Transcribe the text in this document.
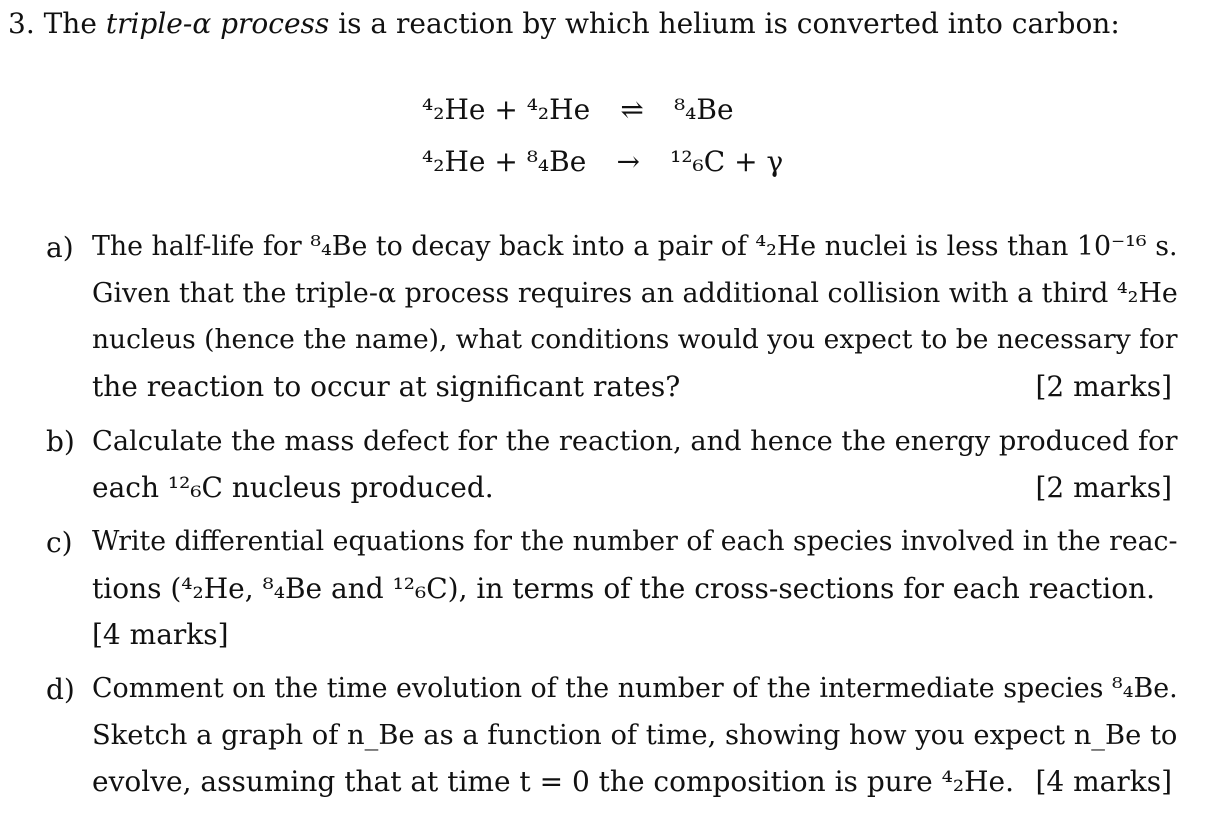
3. The triple-α process is a reaction by which helium is converted into carbon:
⁴₂He + ⁴₂He ⇌ ⁸₄Be
⁴₂He + ⁸₄Be → ¹²₆C + γ
a) The half-life for ⁸₄Be to decay back into a pair of ⁴₂He nuclei is less than 10⁻¹⁶ s.
Given that the triple-α process requires an additional collision with a third ⁴₂He
nucleus (hence the name), what conditions would you expect to be necessary for
the reaction to occur at significant rates?	[2 marks]
b) Calculate the mass defect for the reaction, and hence the energy produced for
each ¹²₆C nucleus produced.	[2 marks]
c) Write differential equations for the number of each species involved in the reac-
tions (⁴₂He, ⁸₄Be and ¹²₆C), in terms of the cross-sections for each reaction.
[4 marks]
d) Comment on the time evolution of the number of the intermediate species ⁸₄Be.
Sketch a graph of n_Be as a function of time, showing how you expect n_Be to
evolve, assuming that at time t = 0 the composition is pure ⁴₂He. [4 marks]
